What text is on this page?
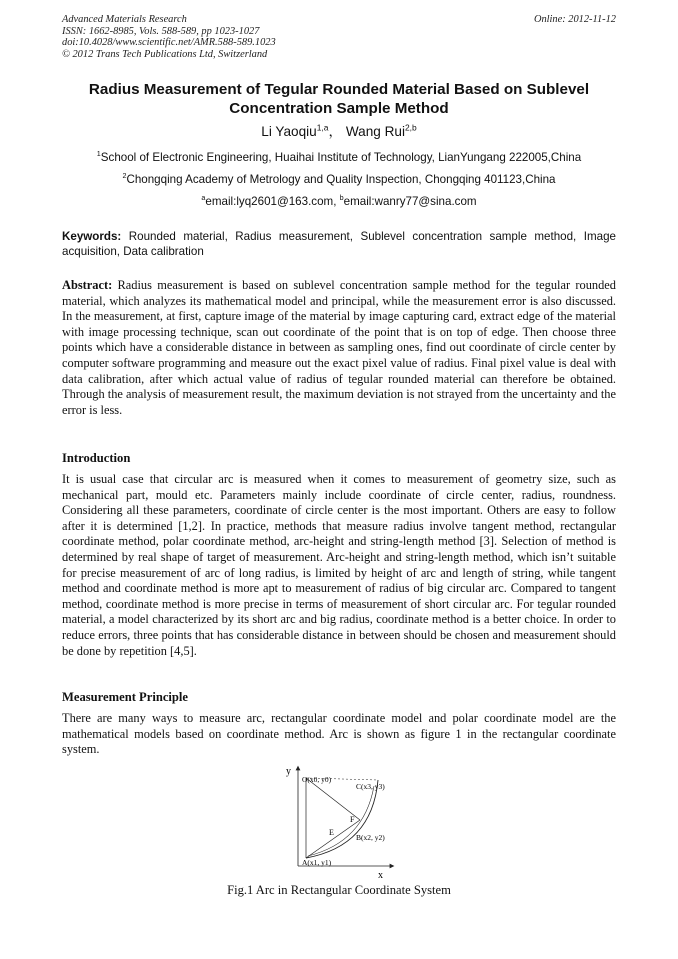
Advanced Materials Research
ISSN: 1662-8985, Vols. 588-589, pp 1023-1027
doi:10.4028/www.scientific.net/AMR.588-589.1023
© 2012 Trans Tech Publications Ltd, Switzerland
Online: 2012-11-12
Radius Measurement of Tegular Rounded Material Based on Sublevel
Concentration Sample Method
Li Yaoqiu$^{1,a}$， Wang Rui$^{2,b}$
$^1$School of Electronic Engineering, Huaihai Institute of Technology, LianYungang 222005,China
$^2$Chongqing Academy of Metrology and Quality Inspection, Chongqing 401123,China
$^a$email:lyq2601@163.com, $^b$email:wanry77@sina.com
Keywords: Rounded material, Radius measurement, Sublevel concentration sample method, Image acquisition, Data calibration
Abstract: Radius measurement is based on sublevel concentration sample method for the tegular rounded material, which analyzes its mathematical model and principal, while the measurement error is also discussed. In the measurement, at first, capture image of the material by image capturing card, extract edge of the material with image processing technique, scan out coordinate of the point that is on top of edge. Then choose three points which have a considerable distance in between as sampling ones, find out coordinate of circle center by computer software programming and measure out the exact pixel value of radius. Final pixel value is deal with data calibration, after which actual value of radius of tegular rounded material can therefore be obtained. Through the analysis of measurement result, the maximum deviation is not strayed from the uncertainty and the error is less.
Introduction
It is usual case that circular arc is measured when it comes to measurement of geometry size, such as mechanical part, mould etc. Parameters mainly include coordinate of circle center, radius, roundness. Considering all these parameters, coordinate of circle center is the most important. Others are easy to follow after it is determined [1,2]. In practice, methods that measure radius involve tangent method, rectangular coordinate method, polar coordinate method, arc-height and string-length method [3]. Selection of method is determined by real shape of target of measurement. Arc-height and string-length method, which isn’t suitable for precise measurement of arc of long radius, is limited by height of arc and length of string, while tangent method and coordinate method is more apt to measurement of radius of big circular arc. Compared to tangent method, coordinate method is more precise in terms of measurement of short circular arc. For tegular rounded material, a model characterized by its short arc and big radius, coordinate method is a better choice. In order to reduce errors, three points that has considerable distance in between should be chosen and measurement should be done by repetition [4,5].
Measurement Principle
There are many ways to measure arc, rectangular coordinate model and polar coordinate model are the mathematical models based on coordinate method. Arc is shown as figure 1 in the rectangular coordinate system.
y
x
O(x0, y0)
C(x3, y3)
F
E
B(x2, y2)
A(x1, y1)
Fig.1 Arc in Rectangular Coordinate System
